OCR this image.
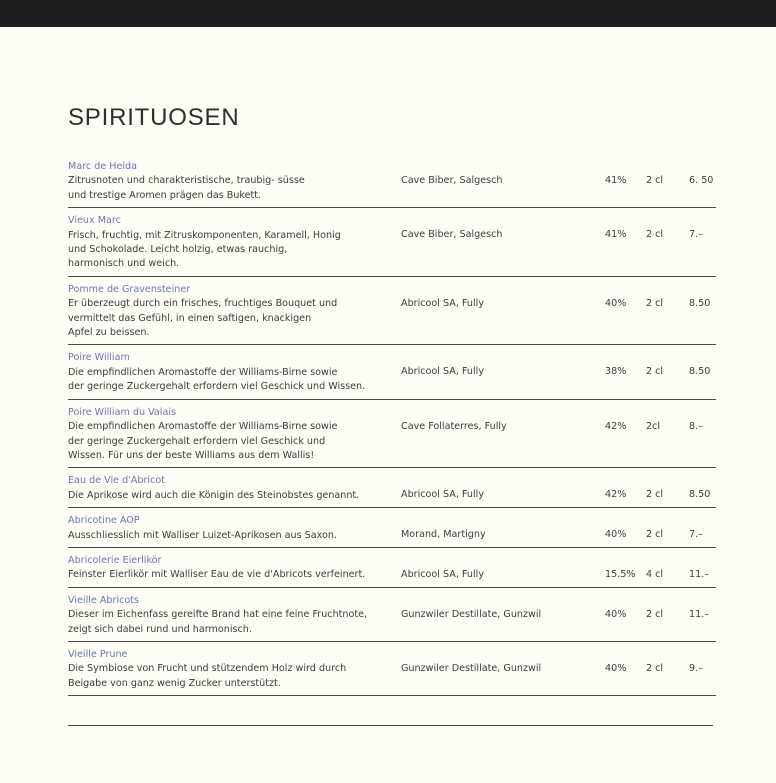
SPIRITUOSEN
Marc de Heida
Zitrusnoten und charakteristische, traubig- süsse
und trestige Aromen prägen das Bukett.
Cave Biber, Salgesch	41% 2 cl	6. 50
Vieux Marc
Frisch, fruchtig, mit Zitruskomponenten, Karamell, Honig
und Schokolade. Leicht holzig, etwas rauchig,
harmonisch und weich.
Cave Biber, Salgesch	41% 2 cl	7.–
Pomme de Gravensteiner
Er überzeugt durch ein frisches, fruchtiges Bouquet und
vermittelt das Gefühl, in einen saftigen, knackigen
Apfel zu beissen.
Abricool SA, Fully	40% 2 cl	8.50
Poire William
Die empfindlichen Aromastoffe der Williams-Birne sowie
der geringe Zuckergehalt erfordern viel Geschick und Wissen.
Abricool SA, Fully	38% 2 cl	8.50
Poire William du Valais
Die empfindlichen Aromastoffe der Williams-Birne sowie
der geringe Zuckergehalt erfordern viel Geschick und
Wissen. Für uns der beste Williams aus dem Wallis!
Cave Follaterres, Fully	42% 2cl	8.–
Eau de Vie d'Abricot
Die Aprikose wird auch die Königin des Steinobstes genannt.	Abricool SA, Fully	42% 2 cl	8.50
Abricotine AOP
Ausschliesslich mit Walliser Luizet-Aprikosen aus Saxon.	Morand, Martigny	40% 2 cl	7.–
Abricolerie Eierlikör
Feinster Eierlikör mit Walliser Eau de vie d'Abricots verfeinert.	Abricool SA, Fully	15.5% 4 cl	11.–
Vieille Abricots
Dieser im Eichenfass gereifte Brand hat eine feine Fruchtnote,
zeigt sich dabei rund und harmonisch.
Gunzwiler Destillate, Gunzwil	40% 2 cl	11.–
Vieille Prune
Die Symbiose von Frucht und stützendem Holz wird durch
Beigabe von ganz wenig Zucker unterstützt.
Gunzwiler Destillate, Gunzwil	40% 2 cl	9.–
